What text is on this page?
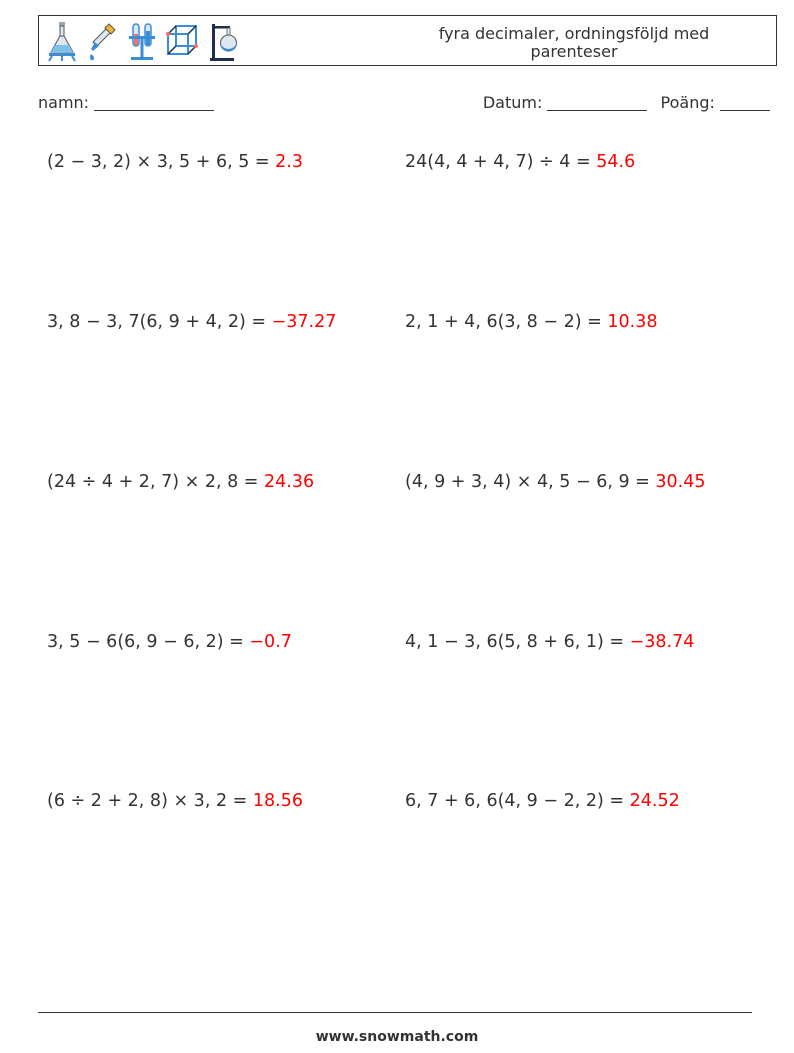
fyra decimaler, ordningsföljd med parenteser
namn:	Datum:	Poäng:
(2 − 3, 2) × 3, 5 + 6, 5 = 2.3	24(4, 4 + 4, 7) ÷ 4 = 54.6
3, 8 − 3, 7(6, 9 + 4, 2) = −37.27	2, 1 + 4, 6(3, 8 − 2) = 10.38
(24 ÷ 4 + 2, 7) × 2, 8 = 24.36	(4, 9 + 3, 4) × 4, 5 − 6, 9 = 30.45
3, 5 − 6(6, 9 − 6, 2) = −0.7	4, 1 − 3, 6(5, 8 + 6, 1) = −38.74
(6 ÷ 2 + 2, 8) × 3, 2 = 18.56	6, 7 + 6, 6(4, 9 − 2, 2) = 24.52
www.snowmath.com
